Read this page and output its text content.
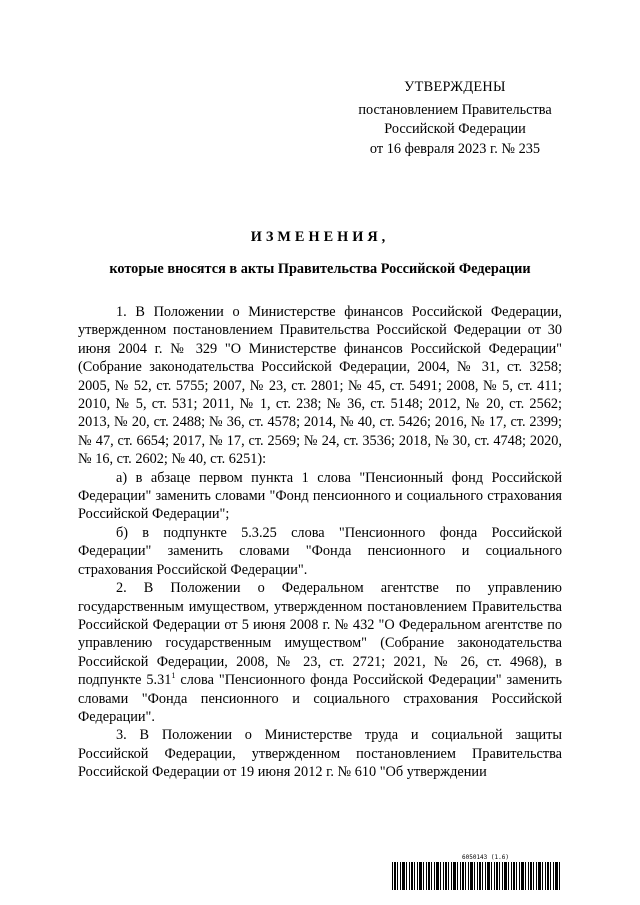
УТВЕРЖДЕНЫ
постановлением Правительства
Российской Федерации
от 16 февраля 2023 г. № 235
ИЗМЕНЕНИЯ,
которые вносятся в акты Правительства Российской Федерации

1. В Положении о Министерстве финансов Российской Федерации, утвержденном постановлением Правительства Российской Федерации от 30 июня 2004 г. № 329 "О Министерстве финансов Российской Федерации" (Собрание законодательства Российской Федерации, 2004, № 31, ст. 3258; 2005, № 52, ст. 5755; 2007, № 23, ст. 2801; № 45, ст. 5491; 2008, № 5, ст. 411; 2010, № 5, ст. 531; 2011, № 1, ст. 238; № 36, ст. 5148; 2012, № 20, ст. 2562; 2013, № 20, ст. 2488; № 36, ст. 4578; 2014, № 40, ст. 5426; 2016, № 17, ст. 2399; № 47, ст. 6654; 2017, № 17, ст. 2569; № 24, ст. 3536; 2018, № 30, ст. 4748; 2020, № 16, ст. 2602; № 40, ст. 6251):

а) в абзаце первом пункта 1 слова "Пенсионный фонд Российской Федерации" заменить словами "Фонд пенсионного и социального страхования Российской Федерации";

б) в подпункте 5.3.25 слова "Пенсионного фонда Российской Федерации" заменить словами "Фонда пенсионного и социального страхования Российской Федерации".

2. В Положении о Федеральном агентстве по управлению государственным имуществом, утвержденном постановлением Правительства Российской Федерации от 5 июня 2008 г. № 432 "О Федеральном агентстве по управлению государственным имуществом" (Собрание законодательства Российской Федерации, 2008, № 23, ст. 2721; 2021, № 26, ст. 4968), в подпункте 5.31$^1$ слова "Пенсионного фонда Российской Федерации" заменить словами "Фонда пенсионного и социального страхования Российской Федерации".

3. В Положении о Министерстве труда и социальной защиты Российской Федерации, утвержденном постановлением Правительства Российской Федерации от 19 июня 2012 г. № 610 "Об утверждении

6050143 (1.6)
